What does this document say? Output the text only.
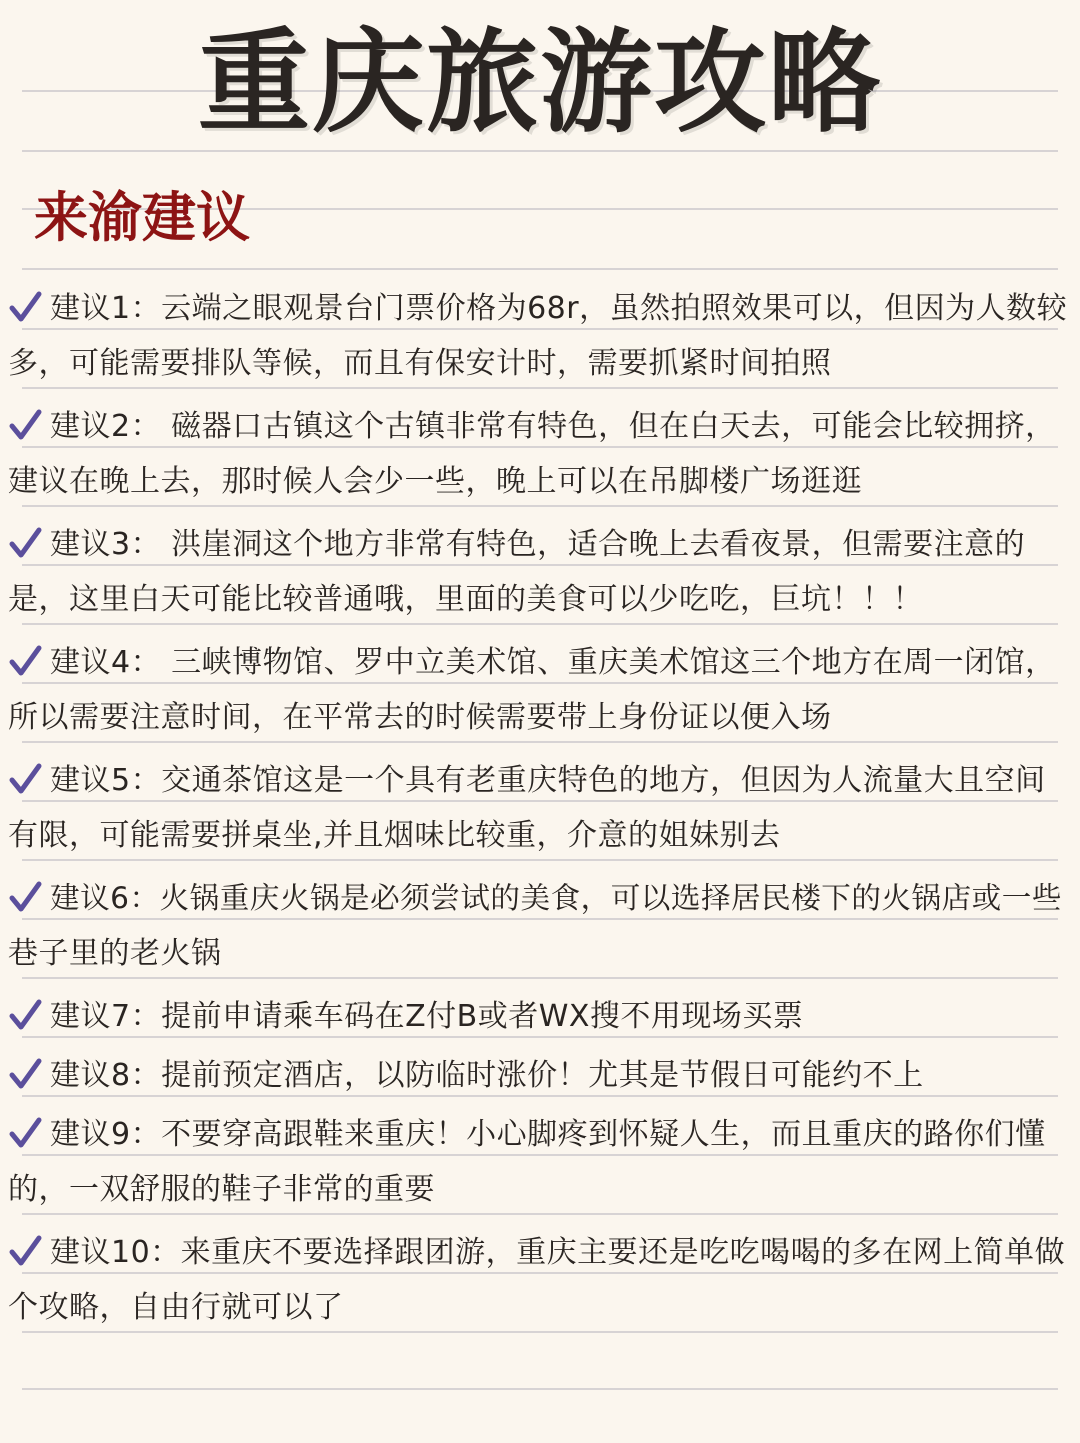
重庆旅游攻略
来渝建议
建议1：云端之眼观景台门票价格为68r，虽然拍照效果可以，但因为人数较
多，可能需要排队等候，而且有保安计时，需要抓紧时间拍照
建议2： 磁器口古镇这个古镇非常有特色，但在白天去，可能会比较拥挤，
建议在晚上去，那时候人会少一些，晚上可以在吊脚楼广场逛逛
建议3： 洪崖洞这个地方非常有特色，适合晚上去看夜景，但需要注意的
是，这里白天可能比较普通哦，里面的美食可以少吃吃，巨坑！！！
建议4： 三峡博物馆、罗中立美术馆、重庆美术馆这三个地方在周一闭馆，
所以需要注意时间，在平常去的时候需要带上身份证以便入场
建议5：交通茶馆这是一个具有老重庆特色的地方，但因为人流量大且空间
有限，可能需要拼桌坐,并且烟味比较重，介意的姐妹别去
建议6：火锅重庆火锅是必须尝试的美食，可以选择居民楼下的火锅店或一些
巷子里的老火锅
建议7：提前申请乘车码在Z付B或者WX搜不用现场买票
建议8：提前预定酒店，以防临时涨价！尤其是节假日可能约不上
建议9：不要穿高跟鞋来重庆！小心脚疼到怀疑人生，而且重庆的路你们懂
的，一双舒服的鞋子非常的重要
建议10：来重庆不要选择跟团游，重庆主要还是吃吃喝喝的多在网上简单做
个攻略，自由行就可以了
